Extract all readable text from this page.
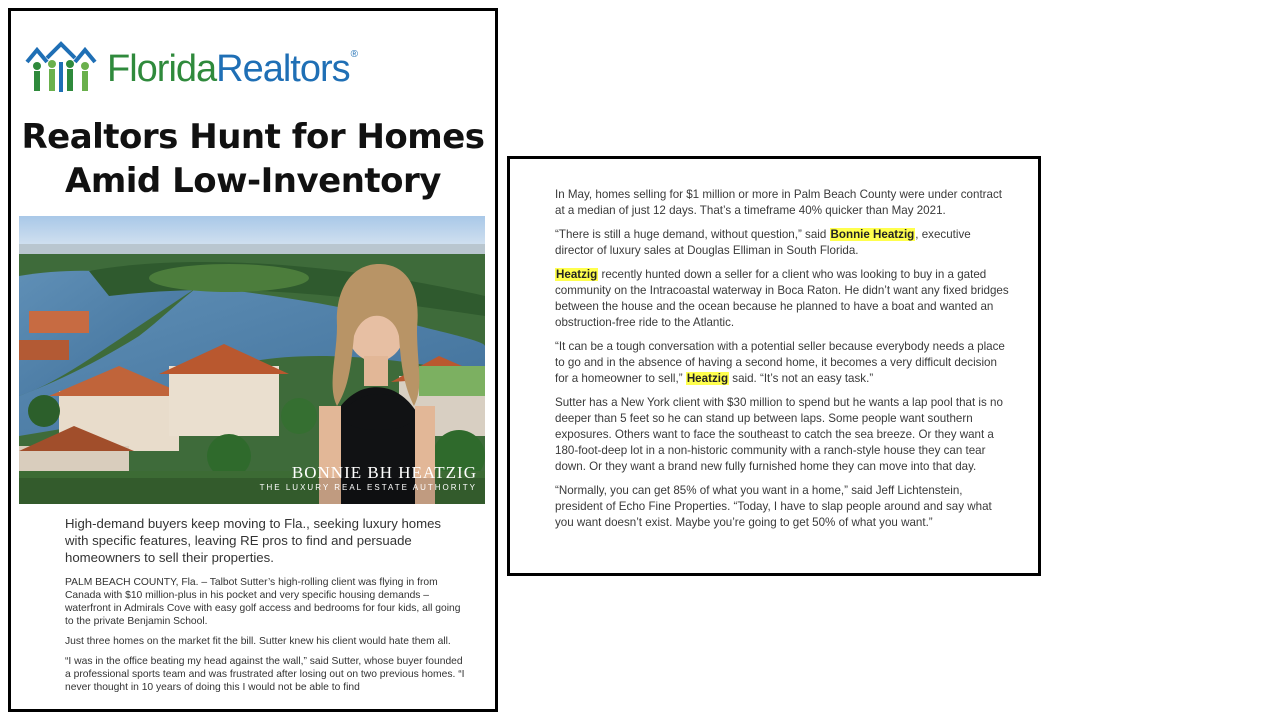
FloridaRealtors®
Realtors Hunt for Homes
Amid Low-Inventory
BONNIE BH HEATZIG
THE LUXURY REAL ESTATE AUTHORITY

High-demand buyers keep moving to Fla., seeking luxury homes with specific features, leaving RE pros to find and persuade homeowners to sell their properties.

PALM BEACH COUNTY, Fla. – Talbot Sutter’s high-rolling client was flying in from Canada with $10 million-plus in his pocket and very specific housing demands – waterfront in Admirals Cove with easy golf access and bedrooms for four kids, all going to the private Benjamin School.

Just three homes on the market fit the bill. Sutter knew his client would hate them all.

“I was in the office beating my head against the wall,” said Sutter, whose buyer founded a professional sports team and was frustrated after losing out on two previous homes. “I never thought in 10 years of doing this I would not be able to find

In May, homes selling for $1 million or more in Palm Beach County were under contract at a median of just 12 days. That’s a timeframe 40% quicker than May 2021.

“There is still a huge demand, without question,” said Bonnie Heatzig, executive director of luxury sales at Douglas Elliman in South Florida.

Heatzig recently hunted down a seller for a client who was looking to buy in a gated community on the Intracoastal waterway in Boca Raton. He didn’t want any fixed bridges between the house and the ocean because he planned to have a boat and wanted an obstruction-free ride to the Atlantic.

“It can be a tough conversation with a potential seller because everybody needs a place to go and in the absence of having a second home, it becomes a very difficult decision for a homeowner to sell,” Heatzig said. “It’s not an easy task.”

Sutter has a New York client with $30 million to spend but he wants a lap pool that is no deeper than 5 feet so he can stand up between laps. Some people want southern exposures. Others want to face the southeast to catch the sea breeze. Or they want a 180-foot-deep lot in a non-historic community with a ranch-style house they can tear down. Or they want a brand new fully furnished home they can move into that day.

“Normally, you can get 85% of what you want in a home,” said Jeff Lichtenstein, president of Echo Fine Properties. “Today, I have to slap people around and say what you want doesn’t exist. Maybe you’re going to get 50% of what you want.”
